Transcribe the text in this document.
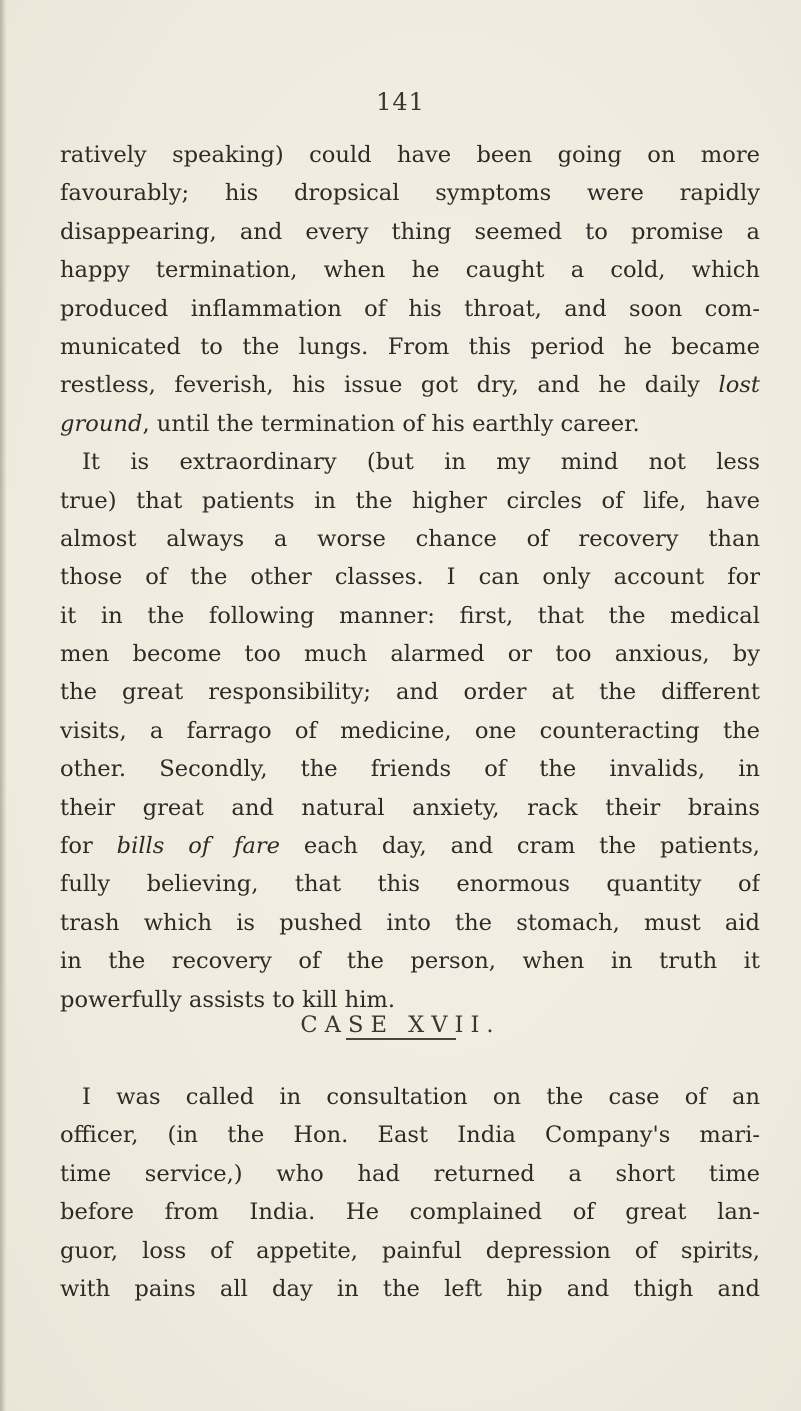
141
ratively speaking) could have been going on more
favourably; his dropsical symptoms were rapidly
disappearing, and every thing seemed to promise a
happy termination, when he caught a cold, which
produced inflammation of his throat, and soon com-
municated to the lungs. From this period he became
restless, feverish, his issue got dry, and he daily lost
ground, until the termination of his earthly career.
It is extraordinary (but in my mind not less
true) that patients in the higher circles of life, have
almost always a worse chance of recovery than
those of the other classes. I can only account for
it in the following manner: first, that the medical
men become too much alarmed or too anxious, by
the great responsibility; and order at the different
visits, a farrago of medicine, one counteracting the
other. Secondly, the friends of the invalids, in
their great and natural anxiety, rack their brains
for bills of fare each day, and cram the patients,
fully believing, that this enormous quantity of
trash which is pushed into the stomach, must aid
in the recovery of the person, when in truth it
powerfully assists to kill him.
CASE XVII.
I was called in consultation on the case of an
officer, (in the Hon. East India Company's mari-
time service,) who had returned a short time
before from India. He complained of great lan-
guor, loss of appetite, painful depression of spirits,
with pains all day in the left hip and thigh and
